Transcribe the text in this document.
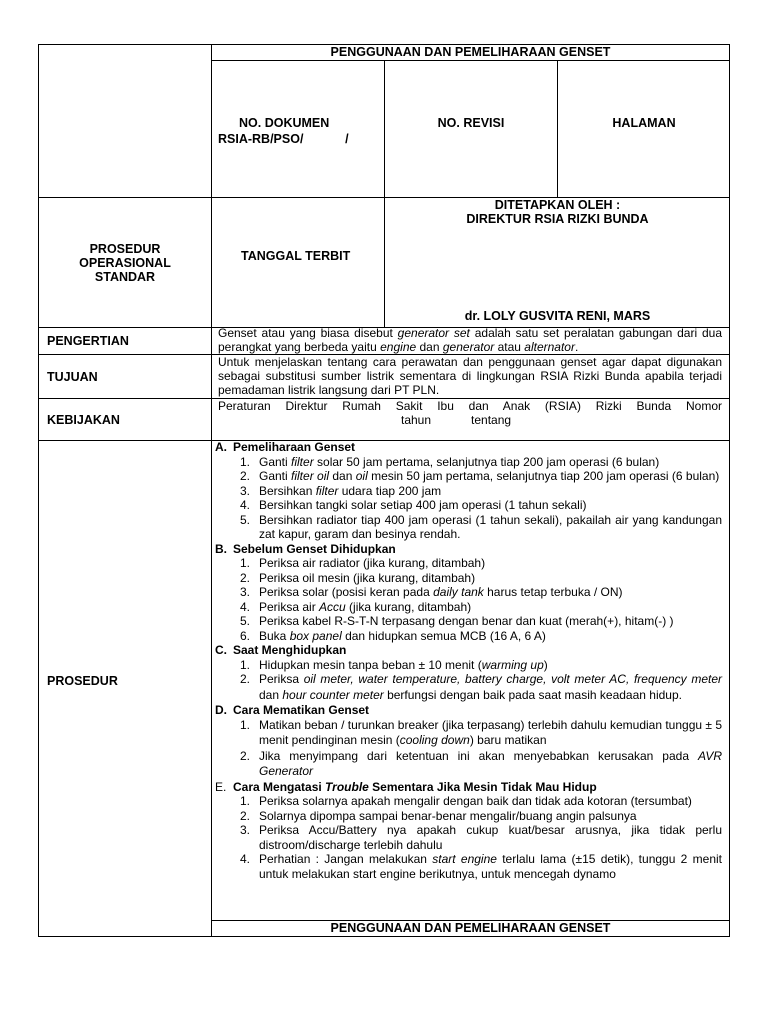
PENGGUNAAN DAN PEMELIHARAAN GENSET
NO. DOKUMEN
RSIA-RB/PSO/            /
NO. REVISI	HALAMAN
PROSEDUR OPERASIONAL STANDAR
TANGGAL TERBIT
DITETAPKAN OLEH :
DIREKTUR RSIA RIZKI BUNDA
dr. LOLY GUSVITA RENI, MARS
PENGERTIAN
Genset atau yang biasa disebut generator set adalah satu set peralatan gabungan dari dua perangkat yang berbeda yaitu engine dan generator atau alternator.
TUJUAN
Untuk menjelaskan tentang cara perawatan dan penggunaan genset agar dapat digunakan sebagai substitusi sumber listrik sementara di lingkungan RSIA Rizki Bunda apabila terjadi pemadaman listrik langsung dari PT PLN.
KEBIJAKAN
Peraturan Direktur Rumah Sakit Ibu dan Anak (RSIA) Rizki Bunda Nomor
tahun            tentang
PROSEDUR
A. Pemeliharaan Genset
1. Ganti filter solar 50 jam pertama, selanjutnya tiap 200 jam operasi (6 bulan)
2. Ganti filter oil dan oil mesin 50 jam pertama, selanjutnya tiap 200 jam operasi (6 bulan)
3. Bersihkan filter udara tiap 200 jam
4. Bersihkan tangki solar setiap 400 jam operasi (1 tahun sekali)
5. Bersihkan radiator tiap 400 jam operasi (1 tahun sekali), pakailah air yang kandungan zat kapur, garam dan besinya rendah.
B. Sebelum Genset Dihidupkan
1. Periksa air radiator (jika kurang, ditambah)
2. Periksa oil mesin (jika kurang, ditambah)
3. Periksa solar (posisi keran pada daily tank harus tetap terbuka / ON)
4. Periksa air Accu (jika kurang, ditambah)
5. Periksa kabel R-S-T-N terpasang dengan benar dan kuat (merah(+), hitam(-) )
6. Buka box panel dan hidupkan semua MCB (16 A, 6 A)
C. Saat Menghidupkan
1. Hidupkan mesin tanpa beban ± 10 menit (warming up)
2. Periksa oil meter, water temperature, battery charge, volt meter AC, frequency meter dan hour counter meter berfungsi dengan baik pada saat masih keadaan hidup.
D. Cara Mematikan Genset
1. Matikan beban / turunkan breaker (jika terpasang) terlebih dahulu kemudian tunggu ± 5 menit pendinginan mesin (cooling down) baru matikan
2. Jika menyimpang dari ketentuan ini akan menyebabkan kerusakan pada AVR Generator
E. Cara Mengatasi Trouble Sementara Jika Mesin Tidak Mau Hidup
1. Periksa solarnya apakah mengalir dengan baik dan tidak ada kotoran (tersumbat)
2. Solarnya dipompa sampai benar-benar mengalir/buang angin palsunya
3. Periksa Accu/Battery nya apakah cukup kuat/besar arusnya, jika tidak perlu distroom/discharge terlebih dahulu
4. Perhatian : Jangan melakukan start engine terlalu lama (±15 detik), tunggu 2 menit untuk melakukan start engine berikutnya, untuk mencegah dynamo
PENGGUNAAN DAN PEMELIHARAAN GENSET
